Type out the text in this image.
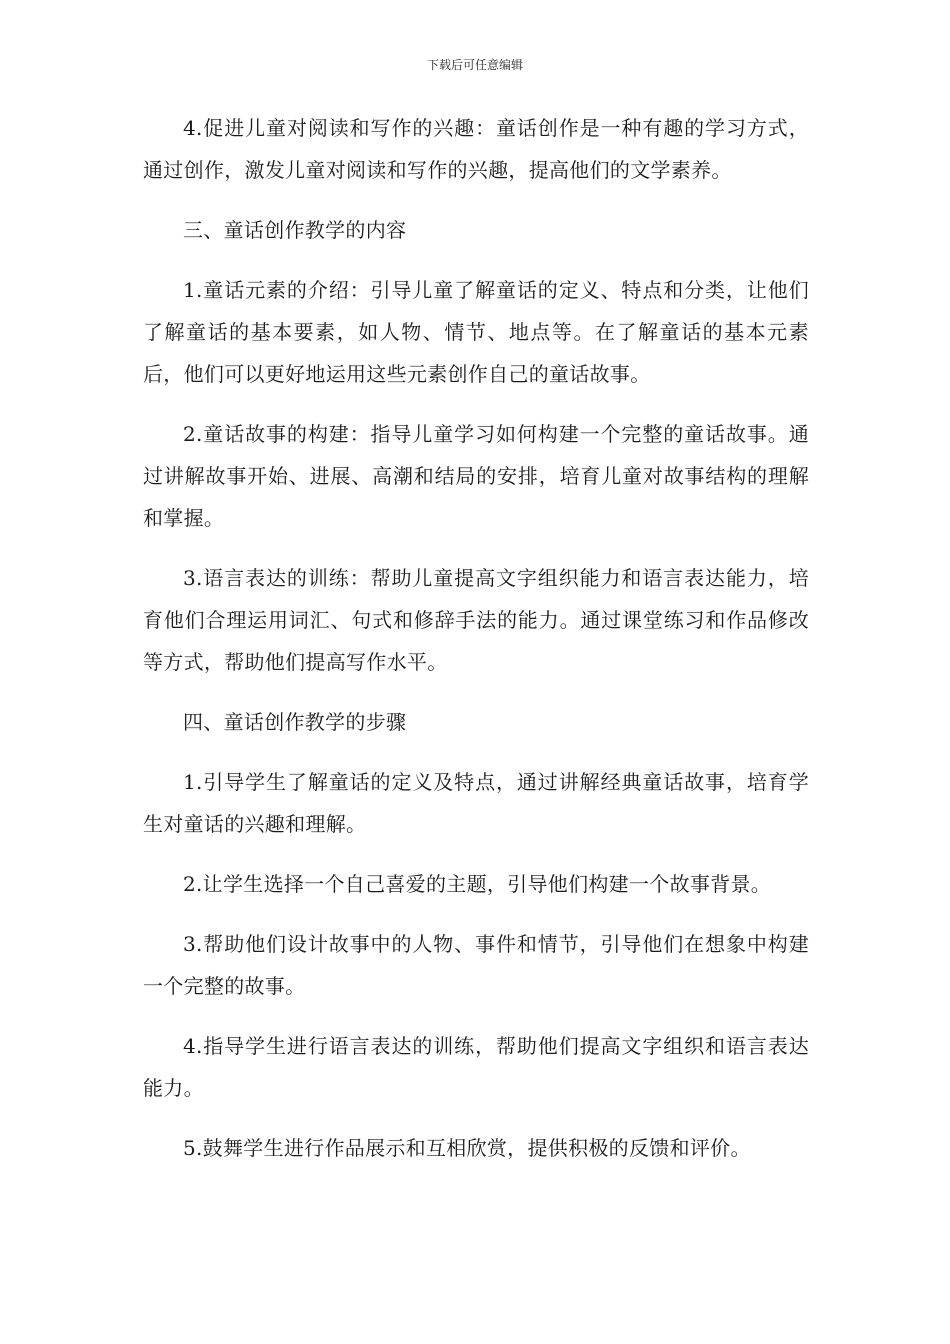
下载后可任意编辑

4.促进儿童对阅读和写作的兴趣：童话创作是一种有趣的学习方式，通过创作，激发儿童对阅读和写作的兴趣，提高他们的文学素养。

三、童话创作教学的内容

1.童话元素的介绍：引导儿童了解童话的定义、特点和分类，让他们了解童话的基本要素，如人物、情节、地点等。在了解童话的基本元素后，他们可以更好地运用这些元素创作自己的童话故事。

2.童话故事的构建：指导儿童学习如何构建一个完整的童话故事。通过讲解故事开始、进展、高潮和结局的安排，培育儿童对故事结构的理解和掌握。

3.语言表达的训练：帮助儿童提高文字组织能力和语言表达能力，培育他们合理运用词汇、句式和修辞手法的能力。通过课堂练习和作品修改等方式，帮助他们提高写作水平。

四、童话创作教学的步骤

1.引导学生了解童话的定义及特点，通过讲解经典童话故事，培育学生对童话的兴趣和理解。

2.让学生选择一个自己喜爱的主题，引导他们构建一个故事背景。

3.帮助他们设计故事中的人物、事件和情节，引导他们在想象中构建一个完整的故事。

4.指导学生进行语言表达的训练，帮助他们提高文字组织和语言表达能力。

5.鼓舞学生进行作品展示和互相欣赏，提供积极的反馈和评价。
